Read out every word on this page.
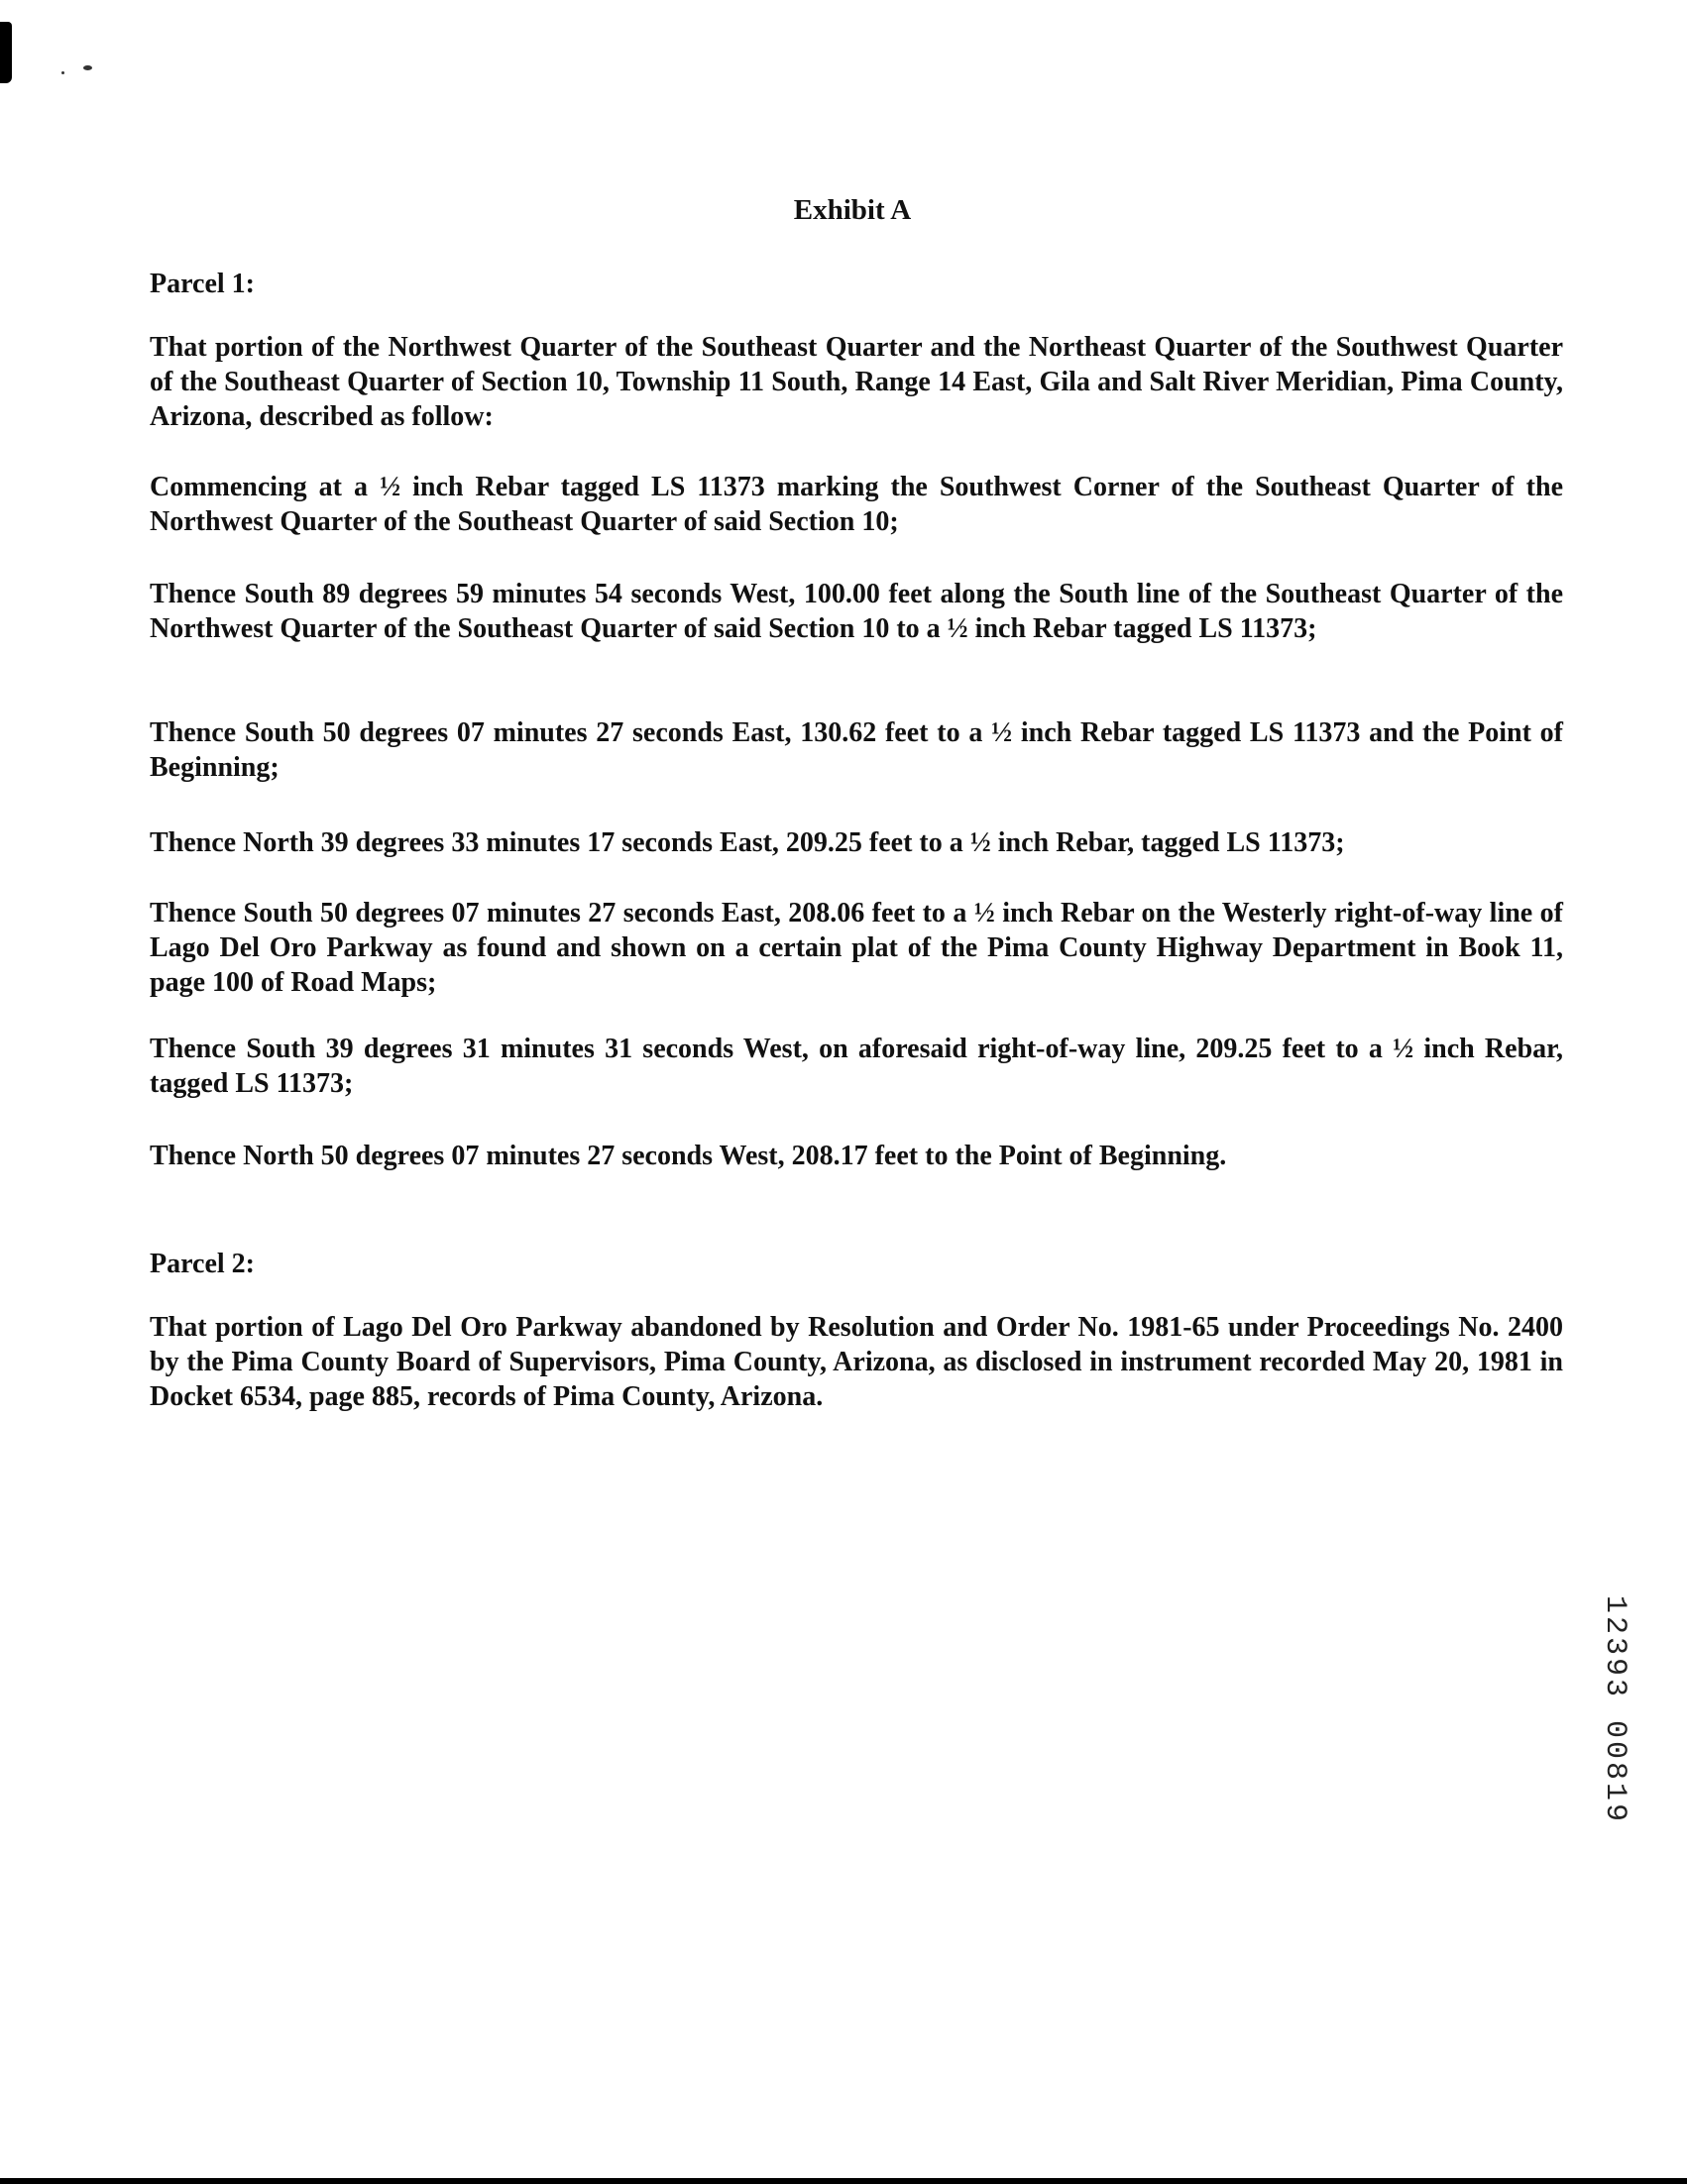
Exhibit A
Parcel 1:
That portion of the Northwest Quarter of the Southeast Quarter and the Northeast Quarter of the Southwest Quarter of the Southeast Quarter of Section 10, Township 11 South, Range 14 East, Gila and Salt River Meridian, Pima County, Arizona, described as follow:
Commencing at a ½ inch Rebar tagged LS 11373 marking the Southwest Corner of the Southeast Quarter of the Northwest Quarter of the Southeast Quarter of said Section 10;
Thence South 89 degrees 59 minutes 54 seconds West, 100.00 feet along the South line of the Southeast Quarter of the Northwest Quarter of the Southeast Quarter of said Section 10 to a ½ inch Rebar tagged LS 11373;
Thence South 50 degrees 07 minutes 27 seconds East, 130.62 feet to a ½ inch Rebar tagged LS 11373 and the Point of Beginning;
Thence North 39 degrees 33 minutes 17 seconds East, 209.25 feet to a ½ inch Rebar, tagged LS 11373;
Thence South 50 degrees 07 minutes 27 seconds East, 208.06 feet to a ½ inch Rebar on the Westerly right-of-way line of Lago Del Oro Parkway as found and shown on a certain plat of the Pima County Highway Department in Book 11, page 100 of Road Maps;
Thence South 39 degrees 31 minutes 31 seconds West, on aforesaid right-of-way line, 209.25 feet to a ½ inch Rebar, tagged LS 11373;
Thence North 50 degrees 07 minutes 27 seconds West, 208.17 feet to the Point of Beginning.
Parcel 2:
That portion of Lago Del Oro Parkway abandoned by Resolution and Order No. 1981-65 under Proceedings No. 2400 by the Pima County Board of Supervisors, Pima County, Arizona, as disclosed in instrument recorded May 20, 1981 in Docket 6534, page 885, records of Pima County, Arizona.
12393 00819
